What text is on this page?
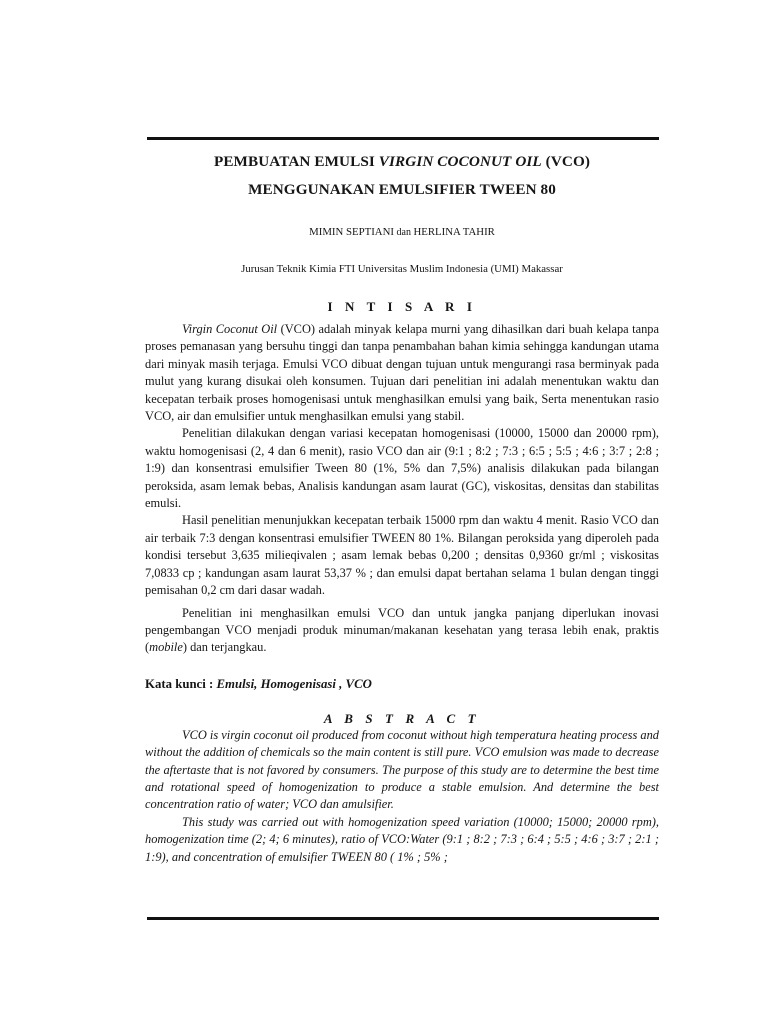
PEMBUATAN EMULSI VIRGIN COCONUT OIL (VCO)

MENGGUNAKAN EMULSIFIER TWEEN 80

MIMIN SEPTIANI dan HERLINA TAHIR

Jurusan Teknik Kimia FTI Universitas Muslim Indonesia (UMI) Makassar

I N T I S A R I

Virgin Coconut Oil (VCO) adalah minyak kelapa murni yang dihasilkan dari buah kelapa tanpa proses pemanasan yang bersuhu tinggi dan tanpa penambahan bahan kimia sehingga kandungan utama dari minyak masih terjaga. Emulsi VCO dibuat dengan tujuan untuk mengurangi rasa berminyak pada mulut yang kurang disukai oleh konsumen. Tujuan dari penelitian ini adalah menentukan waktu dan kecepatan terbaik proses homogenisasi untuk menghasilkan emulsi yang baik, Serta menentukan rasio VCO, air dan emulsifier untuk menghasilkan emulsi yang stabil.

Penelitian dilakukan dengan variasi kecepatan homogenisasi (10000, 15000 dan 20000 rpm), waktu homogenisasi (2, 4 dan 6 menit), rasio VCO dan air (9:1 ; 8:2 ; 7:3 ; 6:5 ; 5:5 ; 4:6 ; 3:7 ; 2:8 ; 1:9) dan konsentrasi emulsifier Tween 80 (1%, 5% dan 7,5%) analisis dilakukan pada bilangan peroksida, asam lemak bebas, Analisis kandungan asam laurat (GC), viskositas, densitas dan stabilitas emulsi.

Hasil penelitian menunjukkan kecepatan terbaik 15000 rpm dan waktu 4 menit. Rasio VCO dan air terbaik 7:3 dengan konsentrasi emulsifier TWEEN 80 1%. Bilangan peroksida yang diperoleh pada kondisi tersebut 3,635 milieqivalen ; asam lemak bebas 0,200 ; densitas 0,9360 gr/ml ; viskositas 7,0833 cp ; kandungan asam laurat 53,37 % ; dan emulsi dapat bertahan selama 1 bulan dengan tinggi pemisahan 0,2 cm dari dasar wadah.

Penelitian ini menghasilkan emulsi VCO dan untuk jangka panjang diperlukan inovasi pengembangan VCO menjadi produk minuman/makanan kesehatan yang terasa lebih enak, praktis (mobile) dan terjangkau.

Kata kunci : Emulsi, Homogenisasi , VCO

A B S T R A C T

VCO is virgin coconut oil produced from coconut without high temperatura heating process and without the addition of chemicals so the main content is still pure. VCO emulsion was made to decrease the aftertaste that is not favored by consumers. The purpose of this study are to determine the best time and rotational speed of homogenization to produce a stable emulsion. And determine the best concentration ratio of water; VCO dan amulsifier.

This study was carried out with homogenization speed variation (10000; 15000; 20000 rpm), homogenization time (2; 4; 6 minutes), ratio of VCO:Water (9:1 ; 8:2 ; 7:3 ; 6:4 ; 5:5 ; 4:6 ; 3:7 ; 2:1 ; 1:9), and concentration of emulsifier TWEEN 80 ( 1% ; 5% ;
